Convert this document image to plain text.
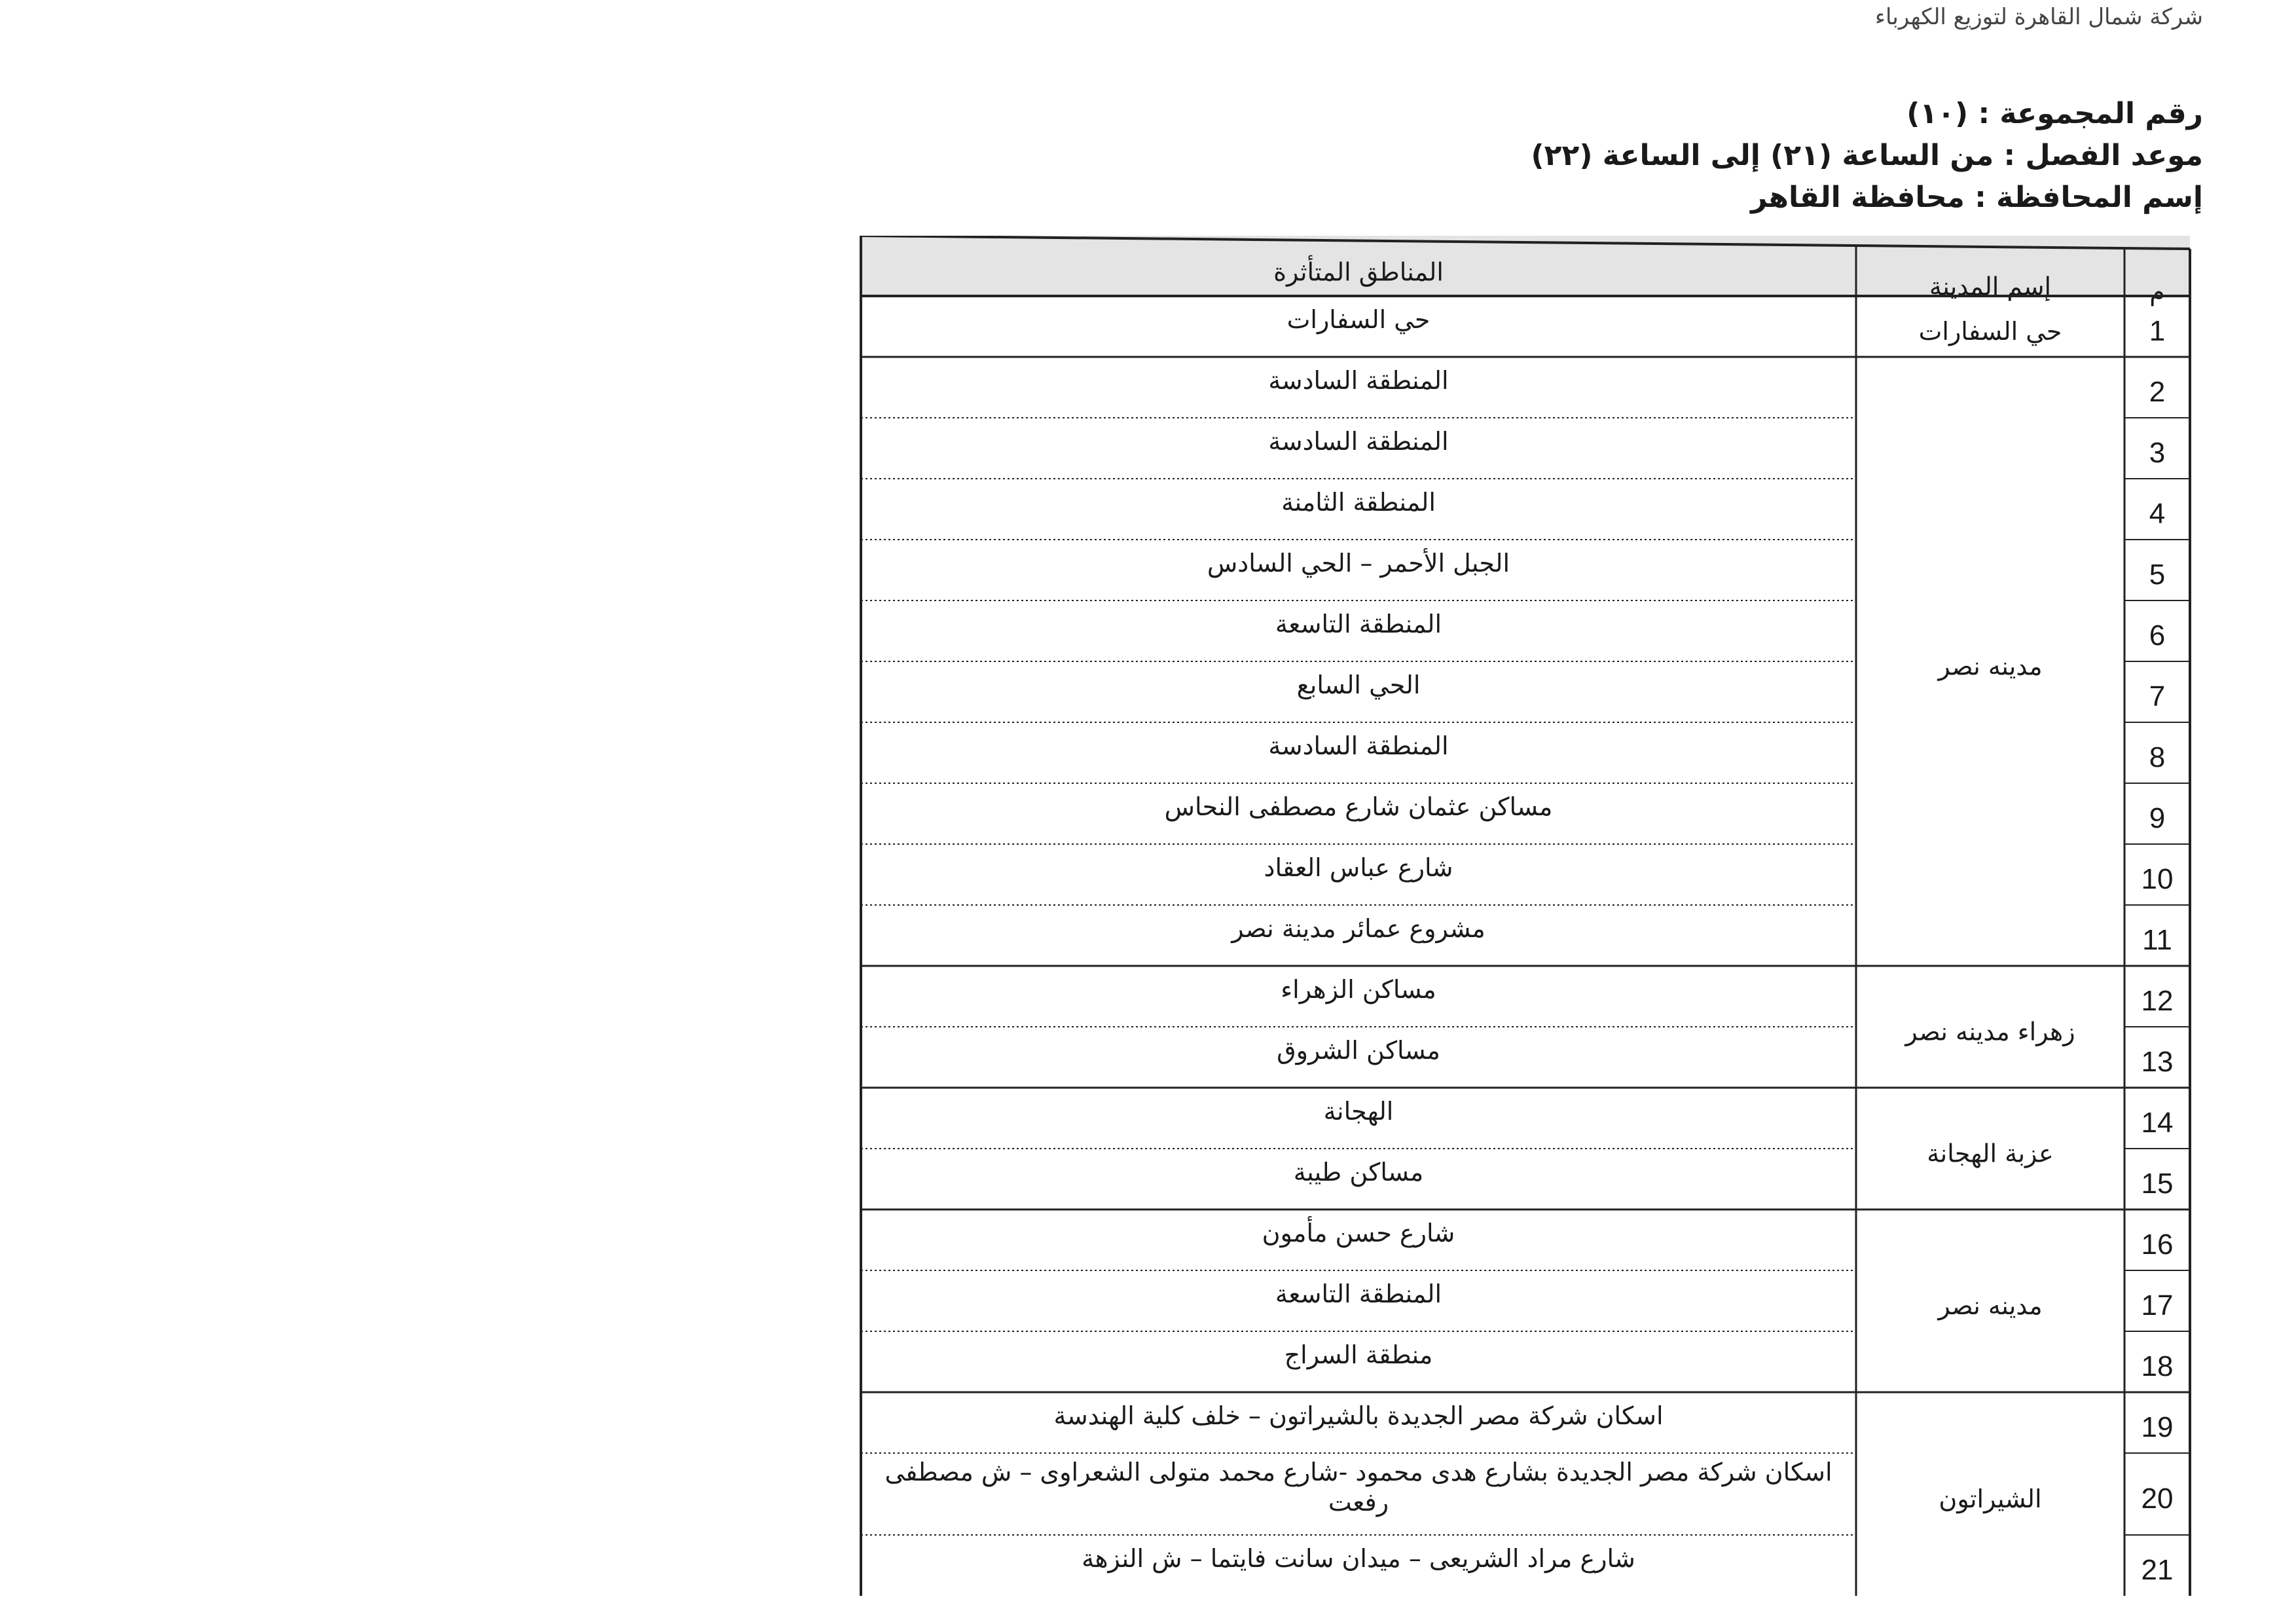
شركة شمال القاهرة لتوزيع الكهرباء
رقم المجموعة : (١٠)
موعد الفصل : من الساعة (٢١) إلى الساعة (٢٢)
إسم المحافظة : محافظة القاهر
المناطق المتأثرة	إسم المدينة	م
1
حي السفارات
2
المنطقة السادسة
3
المنطقة السادسة
4
المنطقة الثامنة
5
الجبل الأحمر – الحي السادس
6
المنطقة التاسعة
7
الحي السابع
8
المنطقة السادسة
9
مساكن عثمان شارع مصطفى النحاس
10
شارع عباس العقاد
11
مشروع عمائر مدينة نصر
12
مساكن الزهراء
13
مساكن الشروق
14
الهجانة
15
مساكن طيبة
16
شارع حسن مأمون
17
المنطقة التاسعة
18
منطقة السراج
19
اسكان شركة مصر الجديدة بالشيراتون – خلف كلية الهندسة
20
اسكان شركة مصر الجديدة بشارع هدى محمود -شارع محمد متولى الشعراوى – ش مصطفى
رفعت
21
شارع مراد الشريعى – ميدان سانت فايتما – ش النزهة
حي السفارات
مدينه نصر
زهراء مدينه نصر
عزبة الهجانة
مدينه نصر
الشيراتون
